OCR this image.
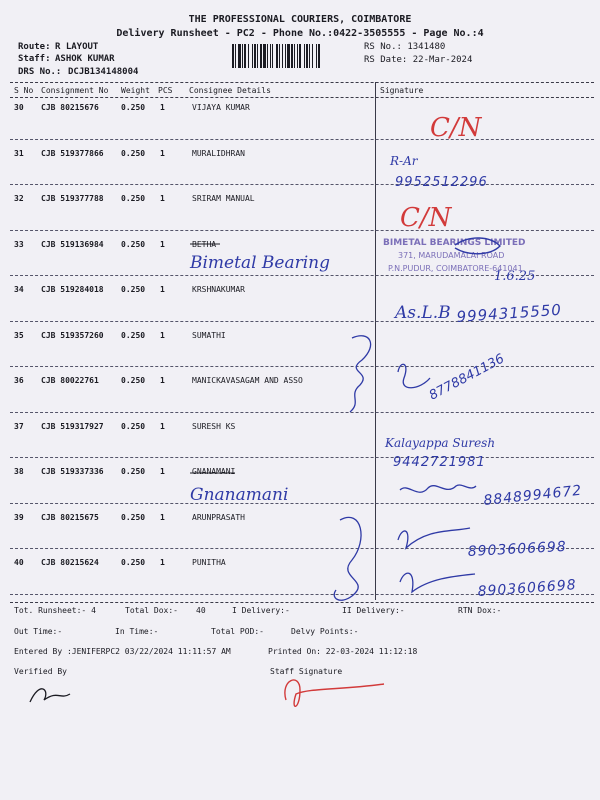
THE PROFESSIONAL COURIERS, COIMBATORE
Delivery Runsheet - PC2 - Phone No.:0422-3505555 - Page No.:4
Route: R LAYOUT
Staff: ASHOK KUMAR
DRS No.: DCJB134148004
RS No.: 1341480
RS Date: 22-Mar-2024
S No Consignment No Weight PCS Consignee Details	Signature
30 CJB 80215676	0.250 1	VIJAYA KUMAR
31 CJB 519377866 0.250 1	MURALIDHRAN
32 CJB 519377788 0.250 1	SRIRAM MANUAL
33 CJB 519136984 0.250 1	BETHA
34 CJB 519284018 0.250 1	KRSHNAKUMAR
35 CJB 519357260 0.250 1	SUMATHI
36 CJB 80022761	0.250 1	MANICKAVASAGAM AND ASSO
37 CJB 519317927 0.250 1	SURESH KS
38 CJB 519337336 0.250 1	GNANAMANI
39 CJB 80215675	0.250 1	ARUNPRASATH
40 CJB 80215624	0.250 1	PUNITHA
C/N
R-Ar
9952512296
C/N
BIMETAL BEARINGS LIMITED
371, MARUDAMALAI ROAD
P.N.PUDUR, COIMBATORE-641041
1.6.25
Bimetal Bearing
As.L.B 9994315550
8778841136
Kalayappa Suresh
9442721981
Gnanamani	8848994672
8903606698
8903606698
Tot. Runsheet:- 4	Total Dox:- 40	I Delivery:-	II Delivery:-	RTN Dox:-
Out Time:-	In Time:-	Total POD:-	Delvy Points:-
Entered By :JENIFERPC2 03/22/2024 11:11:57 AM	Printed On: 22-03-2024 11:12:18
Verified By	Staff Signature
